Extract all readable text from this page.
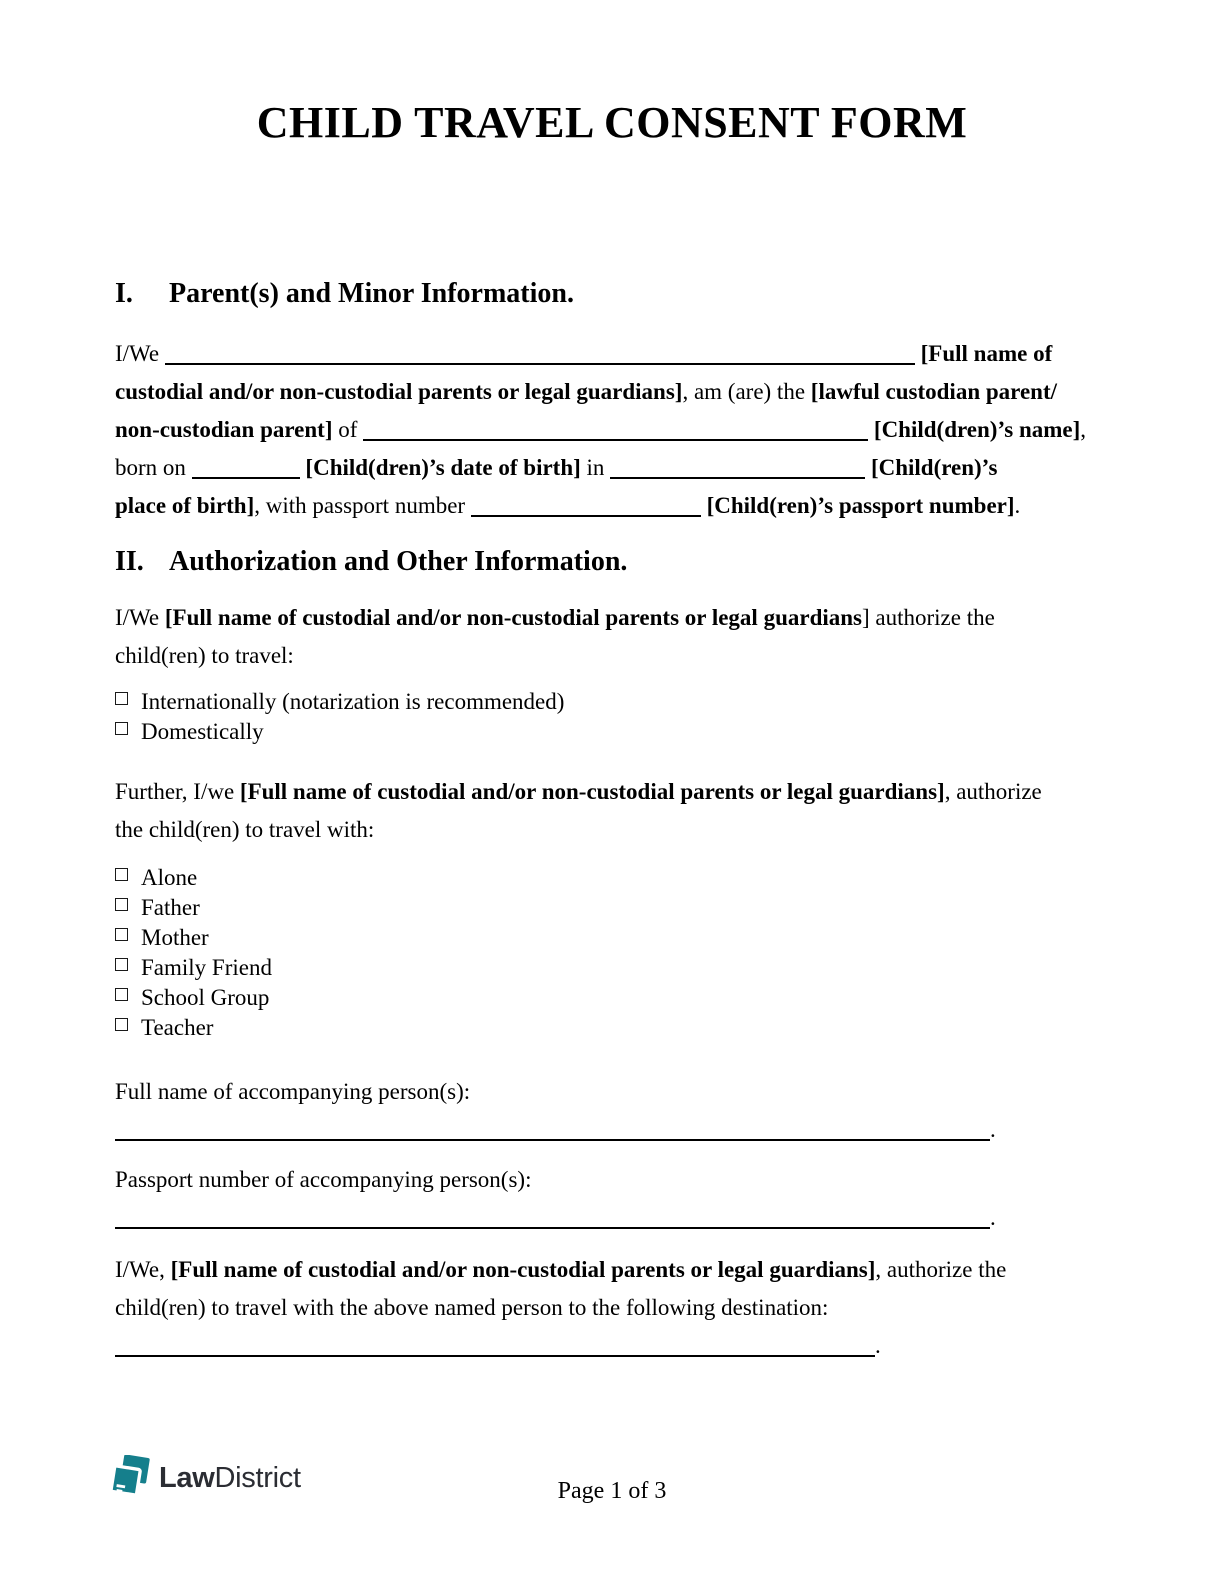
CHILD TRAVEL CONSENT FORM
I. Parent(s) and Minor Information.
I/We	[Full name of
custodial and/or non-custodial parents or legal guardians], am (are) the [lawful custodian parent/
non-custodian parent] of	[Child(dren)’s name],
born on	[Child(dren)’s date of birth] in	[Child(ren)’s
place of birth], with passport number	[Child(ren)’s passport number].
II. Authorization and Other Information.
I/We [Full name of custodial and/or non-custodial parents or legal guardians] authorize the
child(ren) to travel:
Internationally (notarization is recommended)
Domestically
Further, I/we [Full name of custodial and/or non-custodial parents or legal guardians], authorize
the child(ren) to travel with:
Alone
Father
Mother
Family Friend
School Group
Teacher
Full name of accompanying person(s):
.
Passport number of accompanying person(s):
.
I/We, [Full name of custodial and/or non-custodial parents or legal guardians], authorize the
child(ren) to travel with the above named person to the following destination:
.
LawDistrict	Page 1 of 3
